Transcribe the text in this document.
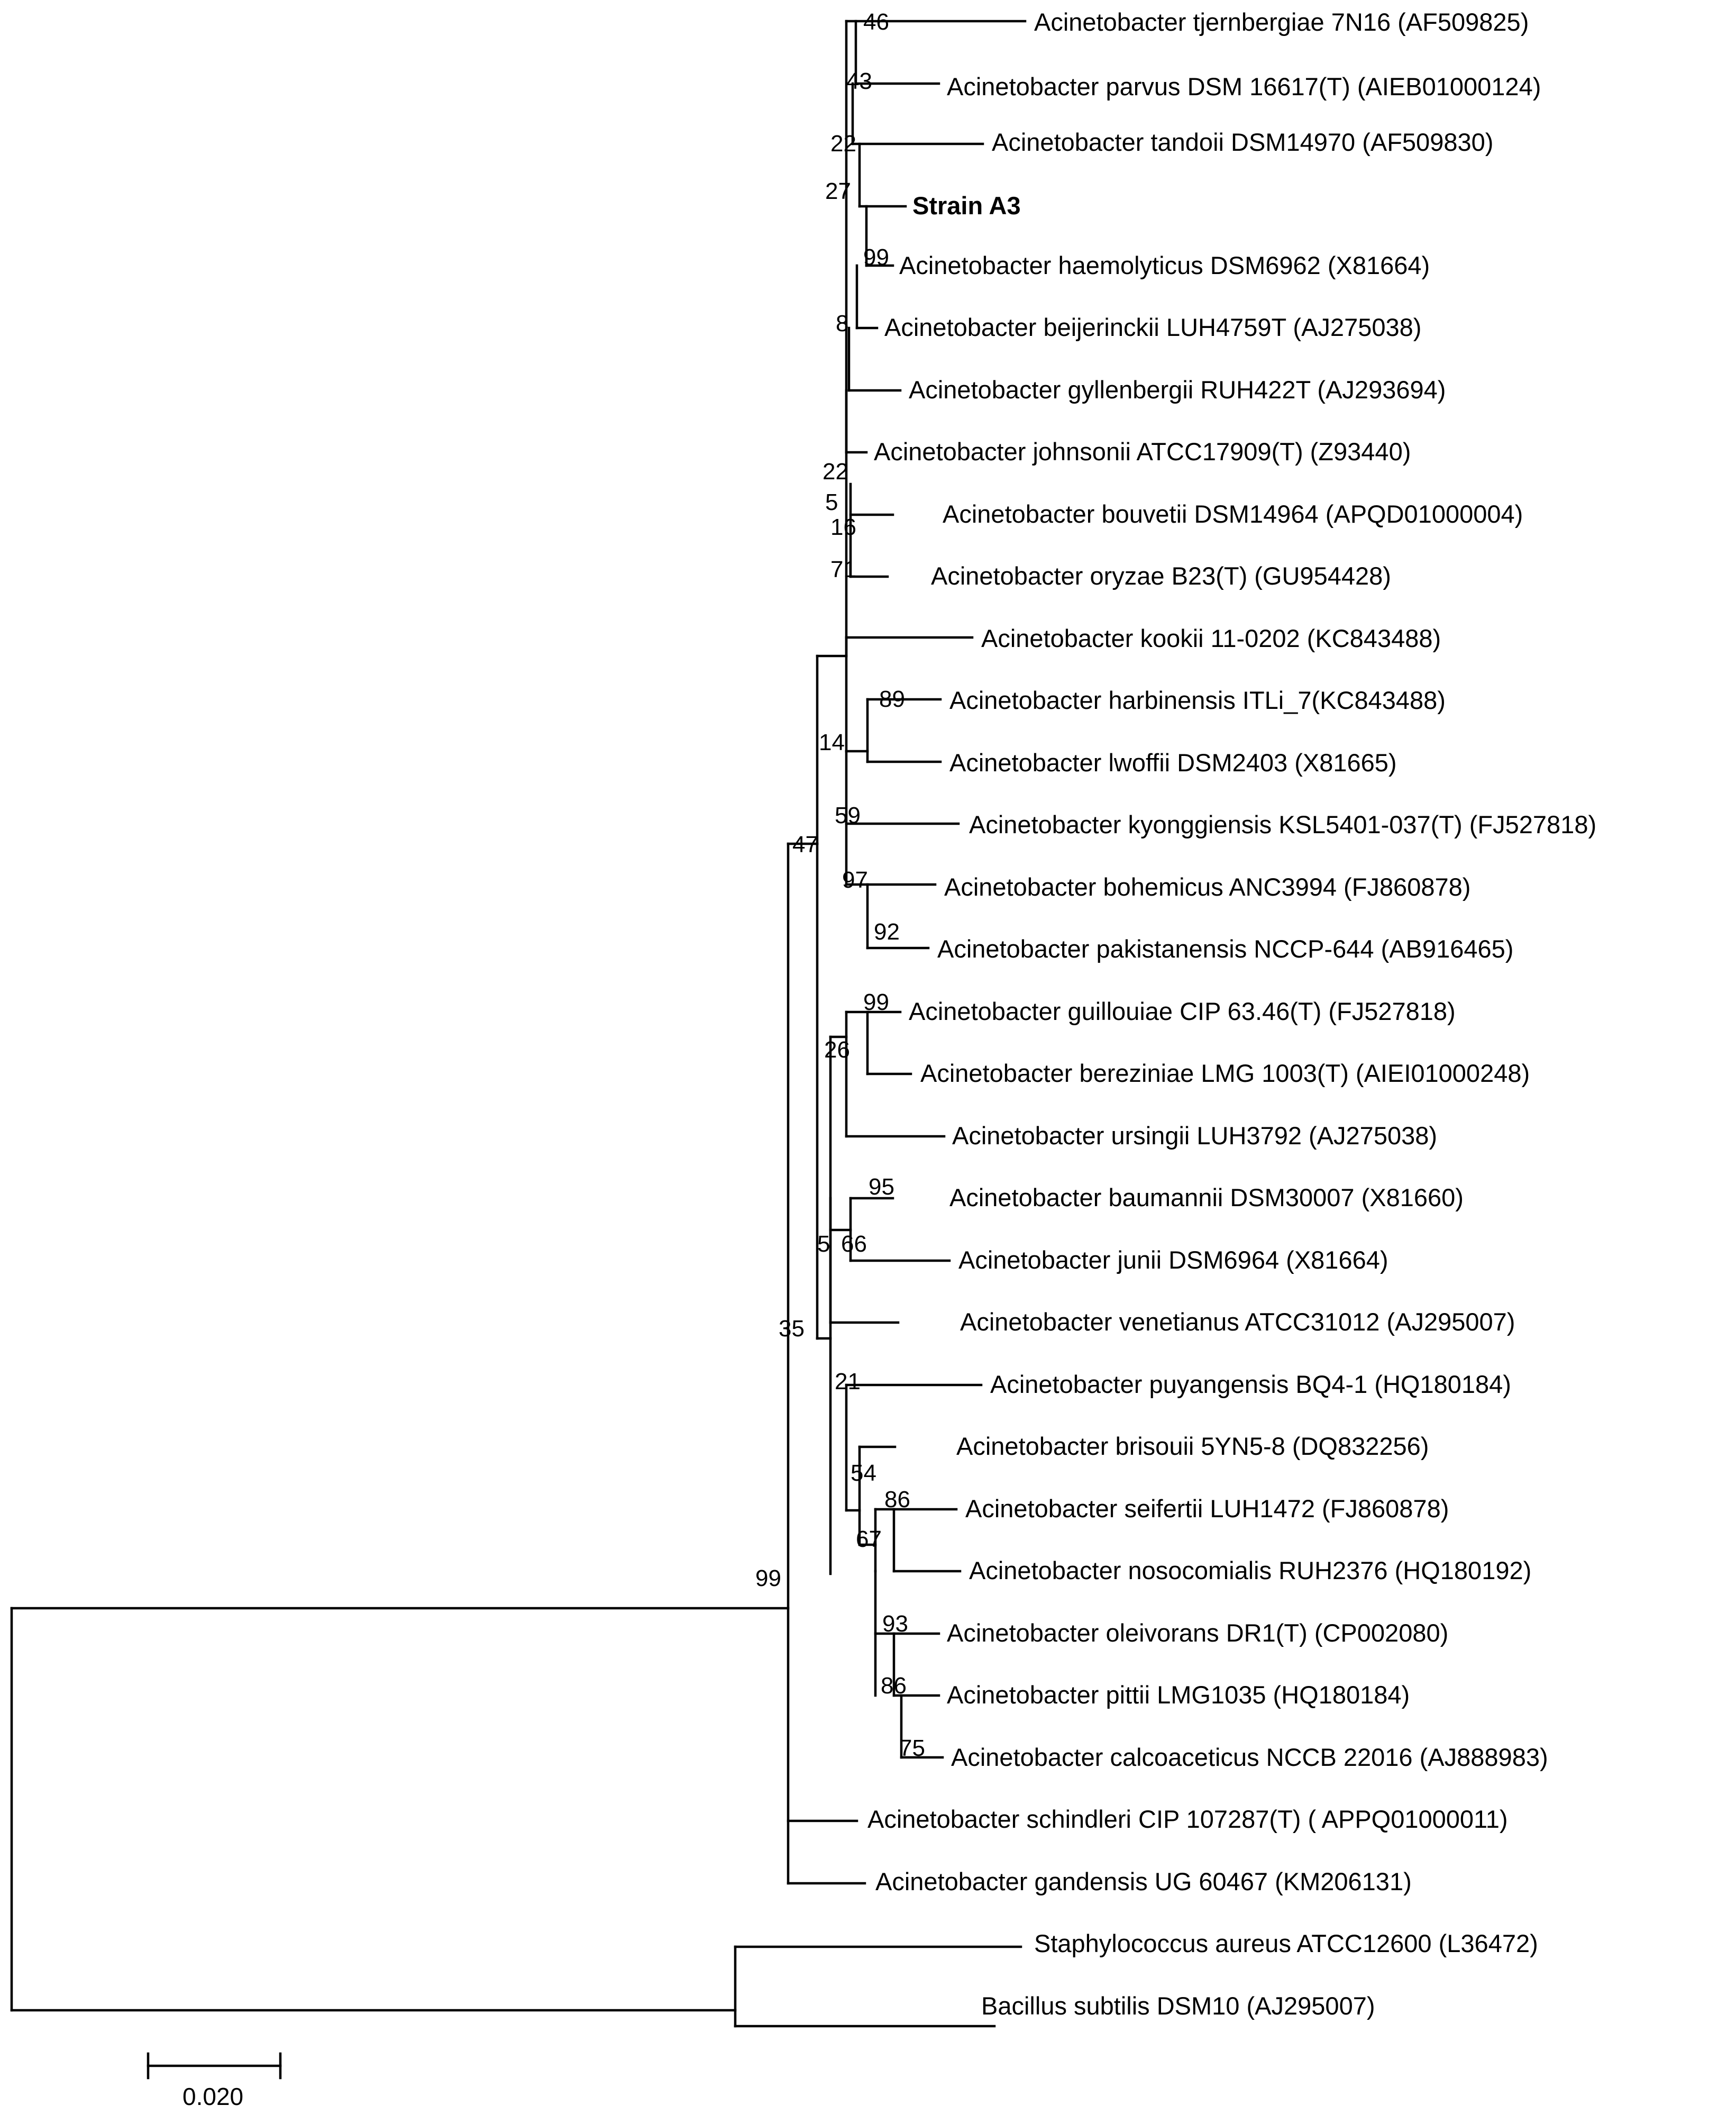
Acinetobacter tjernbergiae 7N16 (AF509825)
Acinetobacter parvus DSM 16617(T) (AIEB01000124)
Acinetobacter tandoii DSM14970 (AF509830)
Strain A3
Acinetobacter haemolyticus DSM6962 (X81664)
Acinetobacter beijerinckii LUH4759T (AJ275038)
Acinetobacter gyllenbergii RUH422T (AJ293694)
Acinetobacter johnsonii ATCC17909(T) (Z93440)
Acinetobacter bouvetii DSM14964 (APQD01000004)
Acinetobacter oryzae B23(T) (GU954428)
Acinetobacter kookii 11-0202 (KC843488)
Acinetobacter harbinensis ITLi_7(KC843488)
Acinetobacter lwoffii DSM2403 (X81665)
Acinetobacter kyonggiensis KSL5401-037(T) (FJ527818)
Acinetobacter bohemicus ANC3994 (FJ860878)
Acinetobacter pakistanensis NCCP-644 (AB916465)
Acinetobacter guillouiae CIP 63.46(T) (FJ527818)
Acinetobacter bereziniae LMG 1003(T) (AIEI01000248)
Acinetobacter ursingii LUH3792 (AJ275038)
Acinetobacter baumannii DSM30007 (X81660)
Acinetobacter junii DSM6964 (X81664)
Acinetobacter venetianus ATCC31012 (AJ295007)
Acinetobacter puyangensis BQ4-1 (HQ180184)
Acinetobacter brisouii 5YN5-8 (DQ832256)
Acinetobacter seifertii LUH1472 (FJ860878)
Acinetobacter nosocomialis RUH2376 (HQ180192)
Acinetobacter oleivorans DR1(T) (CP002080)
Acinetobacter pittii LMG1035 (HQ180184)
Acinetobacter calcoaceticus NCCB 22016 (AJ888983)
Acinetobacter schindleri CIP 107287(T) ( APPQ01000011)
Acinetobacter gandensis UG 60467 (KM206131)
Staphylococcus aureus ATCC12600 (L36472)
Bacillus subtilis DSM10 (AJ295007)
46
43
22
27
99
8
22
5
16
71
89
14
59
47
97
92
99
26
95
5 66
35
21
54
86
67
99
93
86
75
0.020
